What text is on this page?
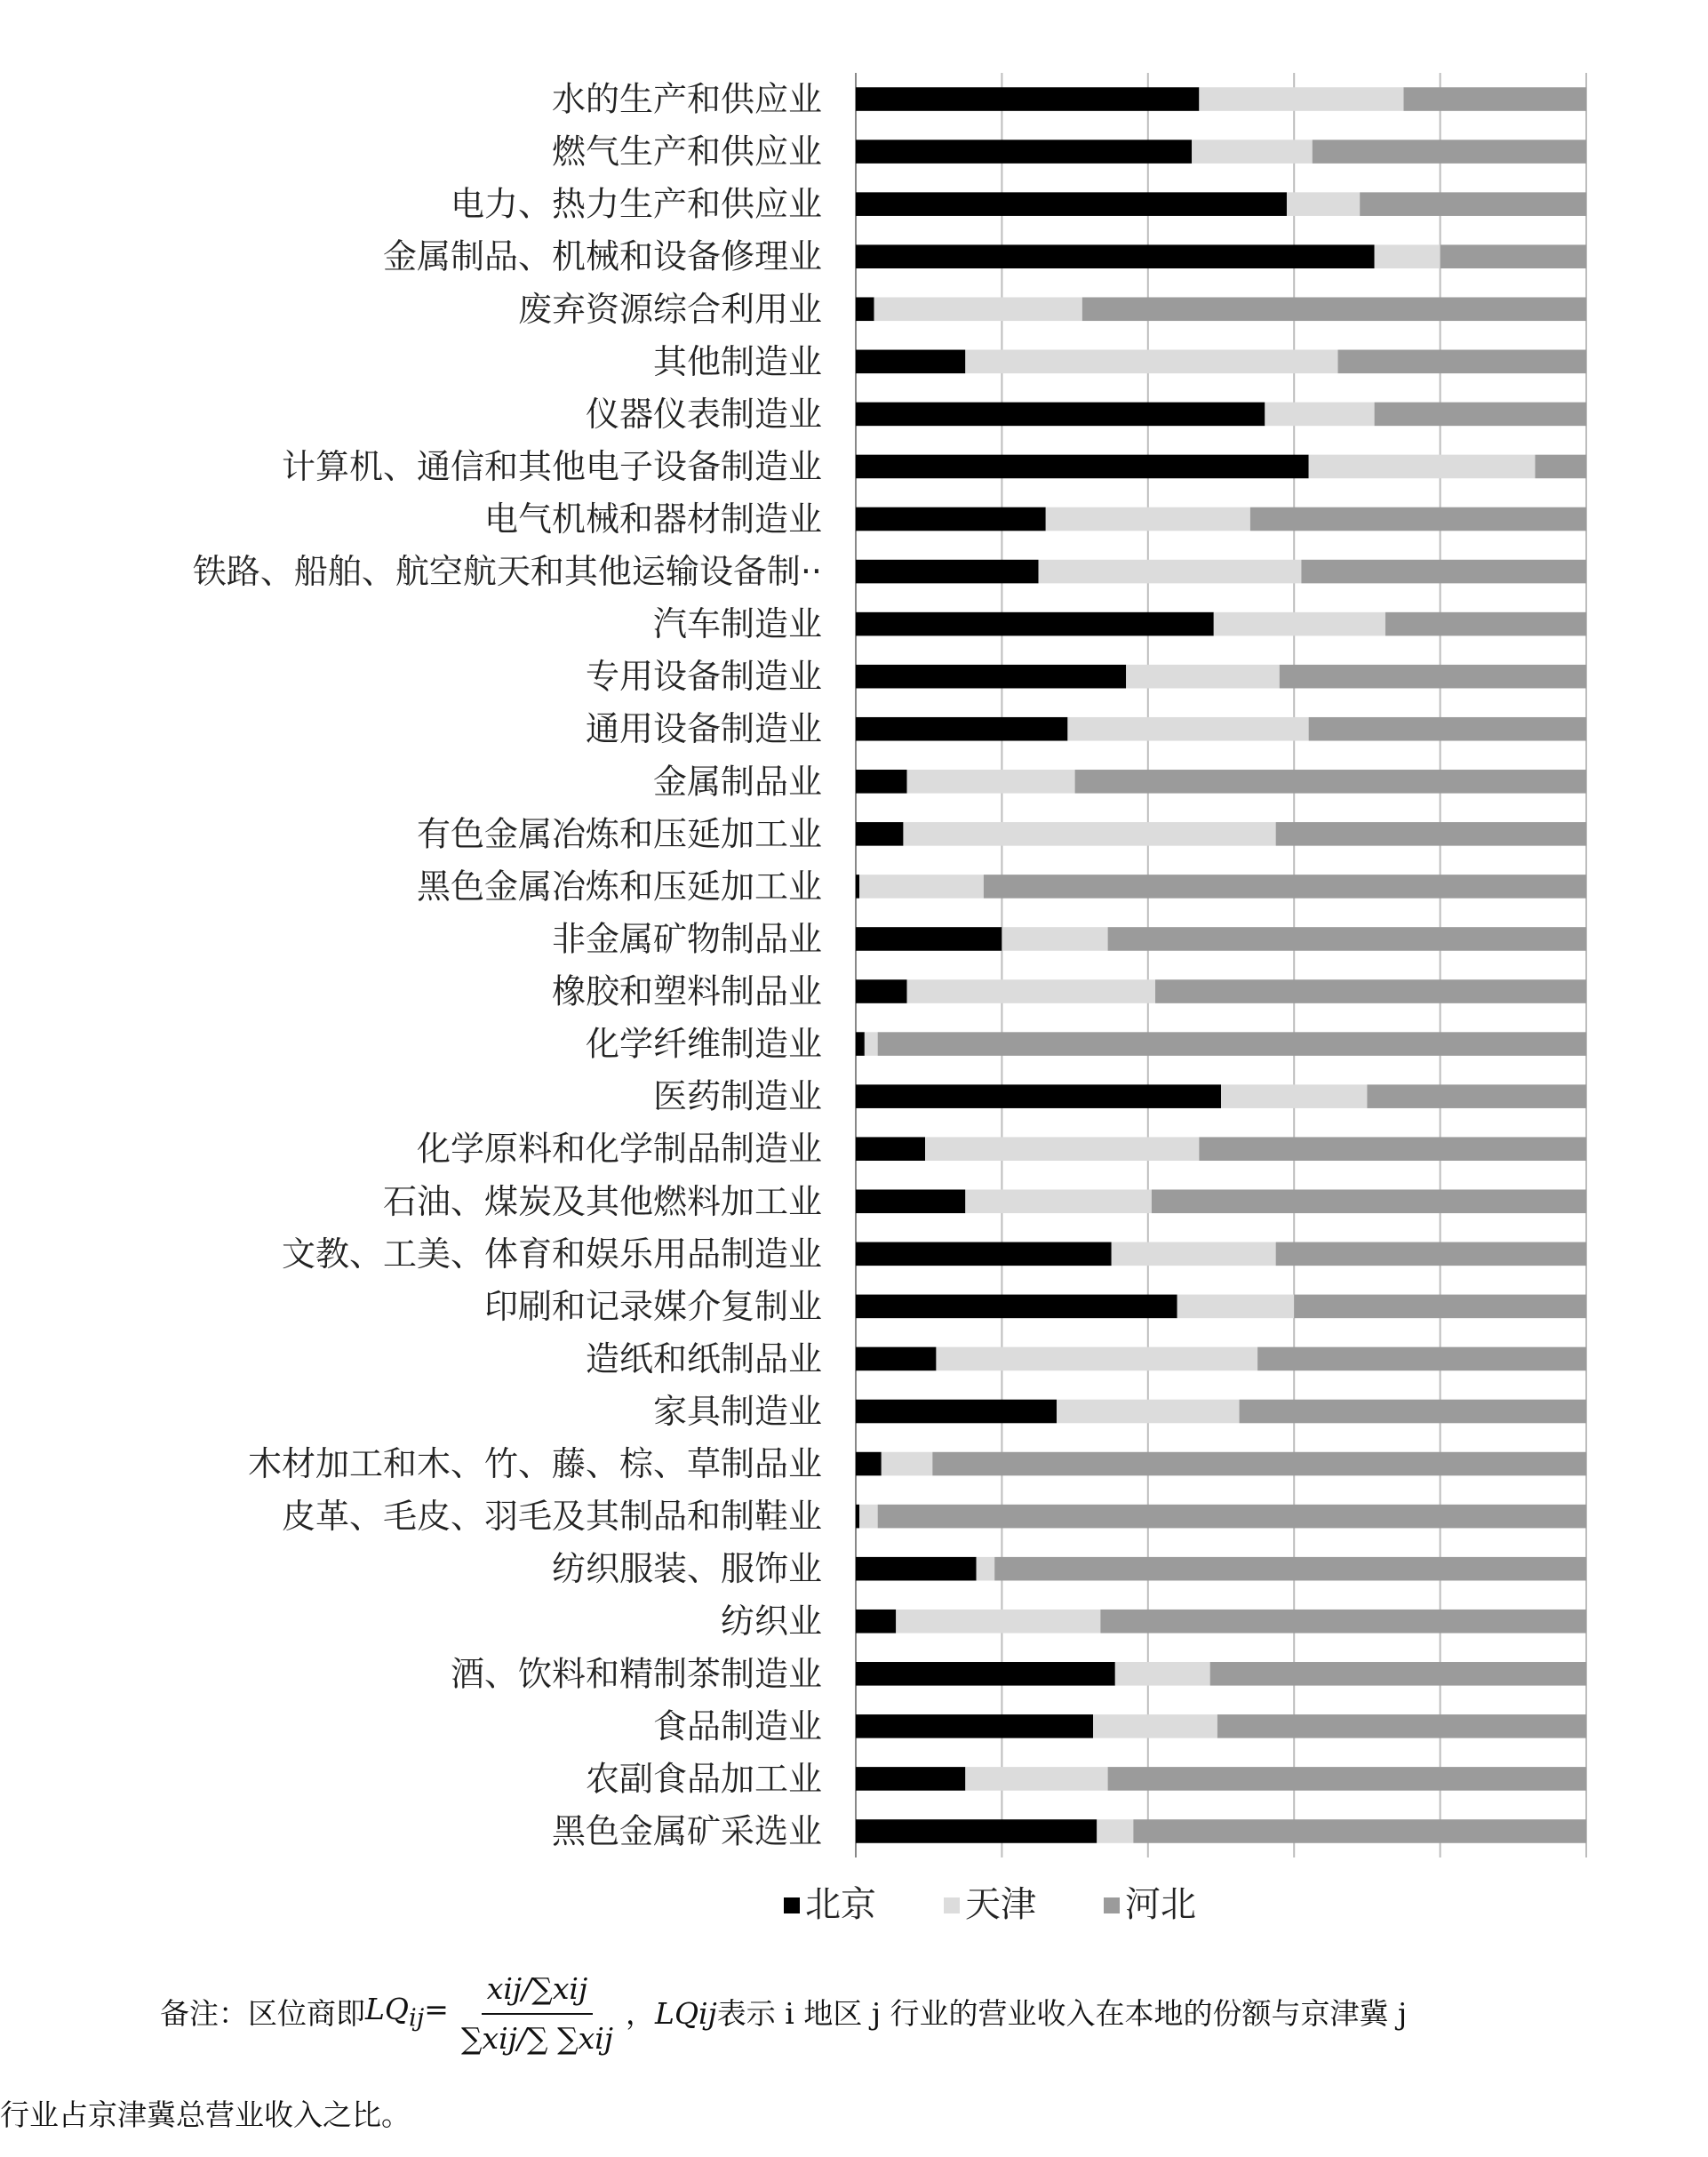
水的生产和供应业
燃气生产和供应业
电力、热力生产和供应业
金属制品、机械和设备修理业
废弃资源综合利用业
其他制造业
仪器仪表制造业
计算机、通信和其他电子设备制造业
电气机械和器材制造业
铁路、船舶、航空航天和其他运输设备制··
汽车制造业
专用设备制造业
通用设备制造业
金属制品业
有色金属冶炼和压延加工业
黑色金属冶炼和压延加工业
非金属矿物制品业
橡胶和塑料制品业
化学纤维制造业
医药制造业
化学原料和化学制品制造业
石油、煤炭及其他燃料加工业
文教、工美、体育和娱乐用品制造业
印刷和记录媒介复制业
造纸和纸制品业
家具制造业
木材加工和木、竹、藤、棕、草制品业
皮革、毛皮、羽毛及其制品和制鞋业
纺织服装、服饰业
纺织业
酒、饮料和精制茶制造业
食品制造业
农副食品加工业
黑色金属矿采选业
北京	天津	河北
备注：区位商即 $LQ_{ij}= \frac{\text{xij/∑xij}}{\text{∑xij/∑ ∑xij}}$ ， LQij 表示 i 地区 j 行业的营业收入在本地的份额与京津冀 j
行业占京津冀总营业收入之比。
